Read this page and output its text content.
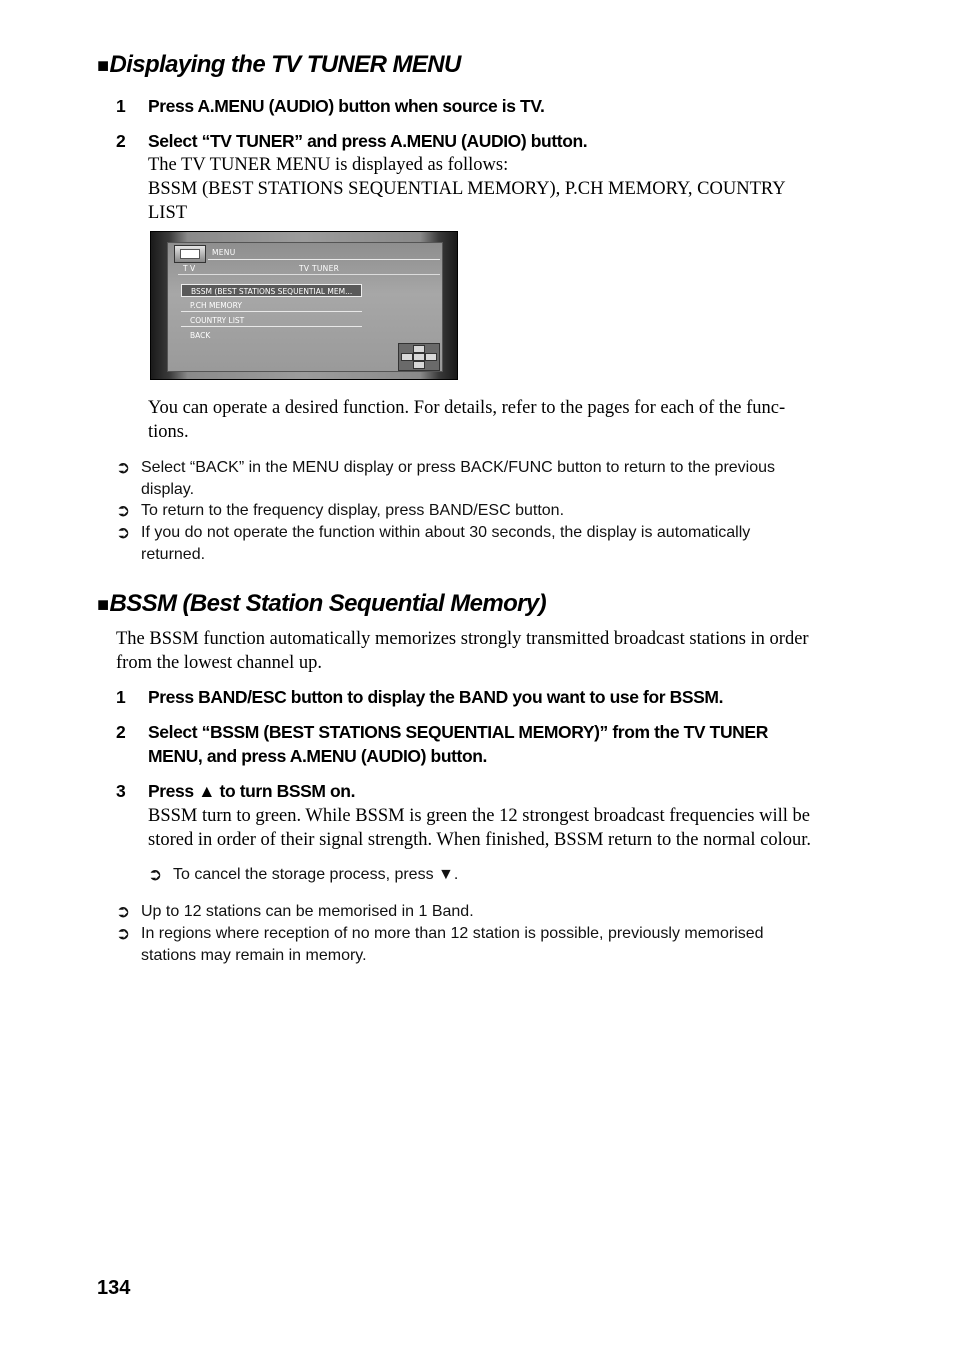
■Displaying the TV TUNER MENU
1 Press A.MENU (AUDIO) button when source is TV.
2 Select “TV TUNER” and press A.MENU (AUDIO) button.
The TV TUNER MENU is displayed as follows:
BSSM (BEST STATIONS SEQUENTIAL MEMORY), P.CH MEMORY, COUNTRY
LIST
MENU
T V	TV TUNER
BSSM (BEST STATIONS SEQUENTIAL MEM...
P.CH MEMORY
COUNTRY LIST
BACK
You can operate a desired function. For details, refer to the pages for each of the func-
tions.
➲ Select “BACK” in the MENU display or press BACK/FUNC button to return to the previous
display.
➲ To return to the frequency display, press BAND/ESC button.
➲ If you do not operate the function within about 30 seconds, the display is automatically
returned.
■BSSM (Best Station Sequential Memory)
The BSSM function automatically memorizes strongly transmitted broadcast stations in order
from the lowest channel up.
1 Press BAND/ESC button to display the BAND you want to use for BSSM.
2 Select “BSSM (BEST STATIONS SEQUENTIAL MEMORY)” from the TV TUNER
MENU, and press A.MENU (AUDIO) button.
3 Press ▲ to turn BSSM on.
BSSM turn to green. While BSSM is green the 12 strongest broadcast frequencies will be
stored in order of their signal strength. When finished, BSSM return to the normal colour.
➲ To cancel the storage process, press ▼.
➲ Up to 12 stations can be memorised in 1 Band.
➲ In regions where reception of no more than 12 station is possible, previously memorised
stations may remain in memory.
134
